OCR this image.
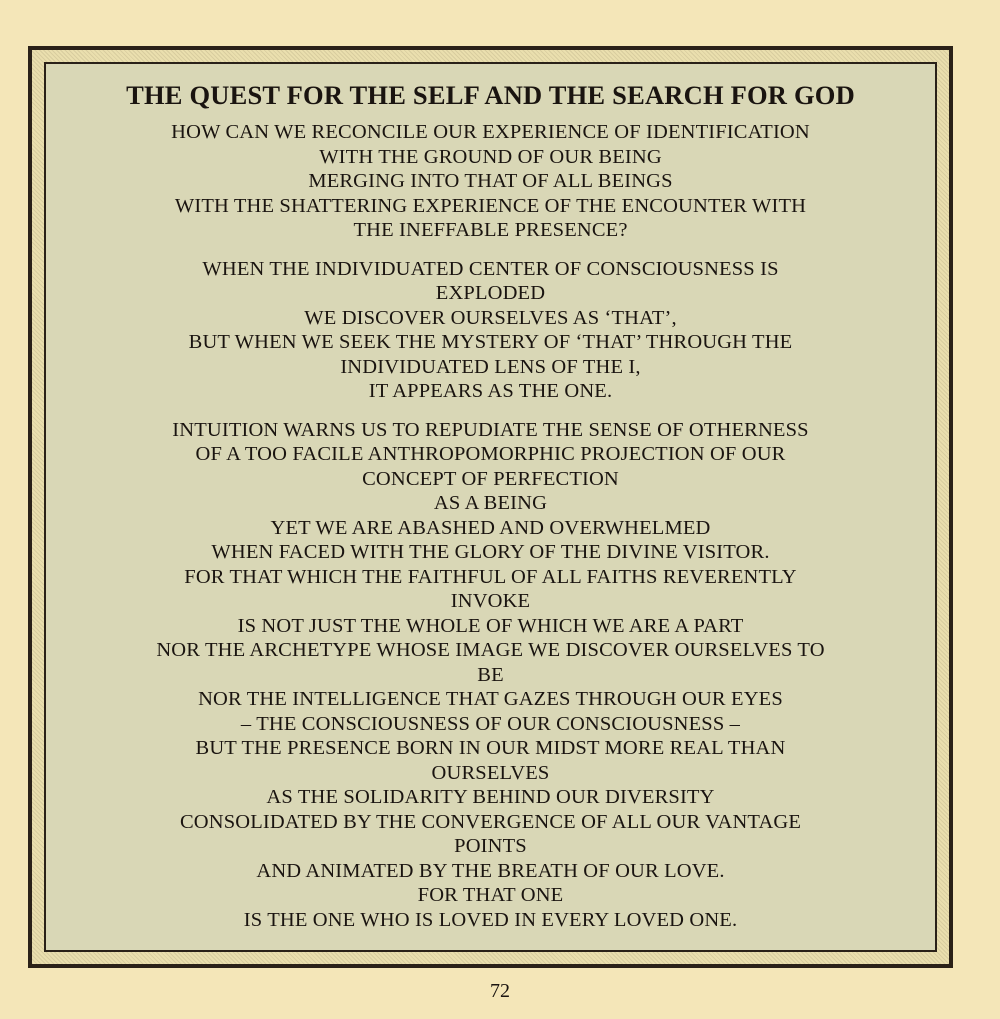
THE QUEST FOR THE SELF AND THE SEARCH FOR GOD
HOW CAN WE RECONCILE OUR EXPERIENCE OF IDENTIFICATION
WITH THE GROUND OF OUR BEING
MERGING INTO THAT OF ALL BEINGS
WITH THE SHATTERING EXPERIENCE OF THE ENCOUNTER WITH
THE INEFFABLE PRESENCE?
WHEN THE INDIVIDUATED CENTER OF CONSCIOUSNESS IS
EXPLODED
WE DISCOVER OURSELVES AS ‘THAT’,
BUT WHEN WE SEEK THE MYSTERY OF ‘THAT’ THROUGH THE
INDIVIDUATED LENS OF THE I,
IT APPEARS AS THE ONE.
INTUITION WARNS US TO REPUDIATE THE SENSE OF OTHERNESS
OF A TOO FACILE ANTHROPOMORPHIC PROJECTION OF OUR
CONCEPT OF PERFECTION
AS A BEING
YET WE ARE ABASHED AND OVERWHELMED
WHEN FACED WITH THE GLORY OF THE DIVINE VISITOR.
FOR THAT WHICH THE FAITHFUL OF ALL FAITHS REVERENTLY
INVOKE
IS NOT JUST THE WHOLE OF WHICH WE ARE A PART
NOR THE ARCHETYPE WHOSE IMAGE WE DISCOVER OURSELVES TO
BE
NOR THE INTELLIGENCE THAT GAZES THROUGH OUR EYES
– THE CONSCIOUSNESS OF OUR CONSCIOUSNESS –
BUT THE PRESENCE BORN IN OUR MIDST MORE REAL THAN
OURSELVES
AS THE SOLIDARITY BEHIND OUR DIVERSITY
CONSOLIDATED BY THE CONVERGENCE OF ALL OUR VANTAGE
POINTS
AND ANIMATED BY THE BREATH OF OUR LOVE.
FOR THAT ONE
IS THE ONE WHO IS LOVED IN EVERY LOVED ONE.
72
